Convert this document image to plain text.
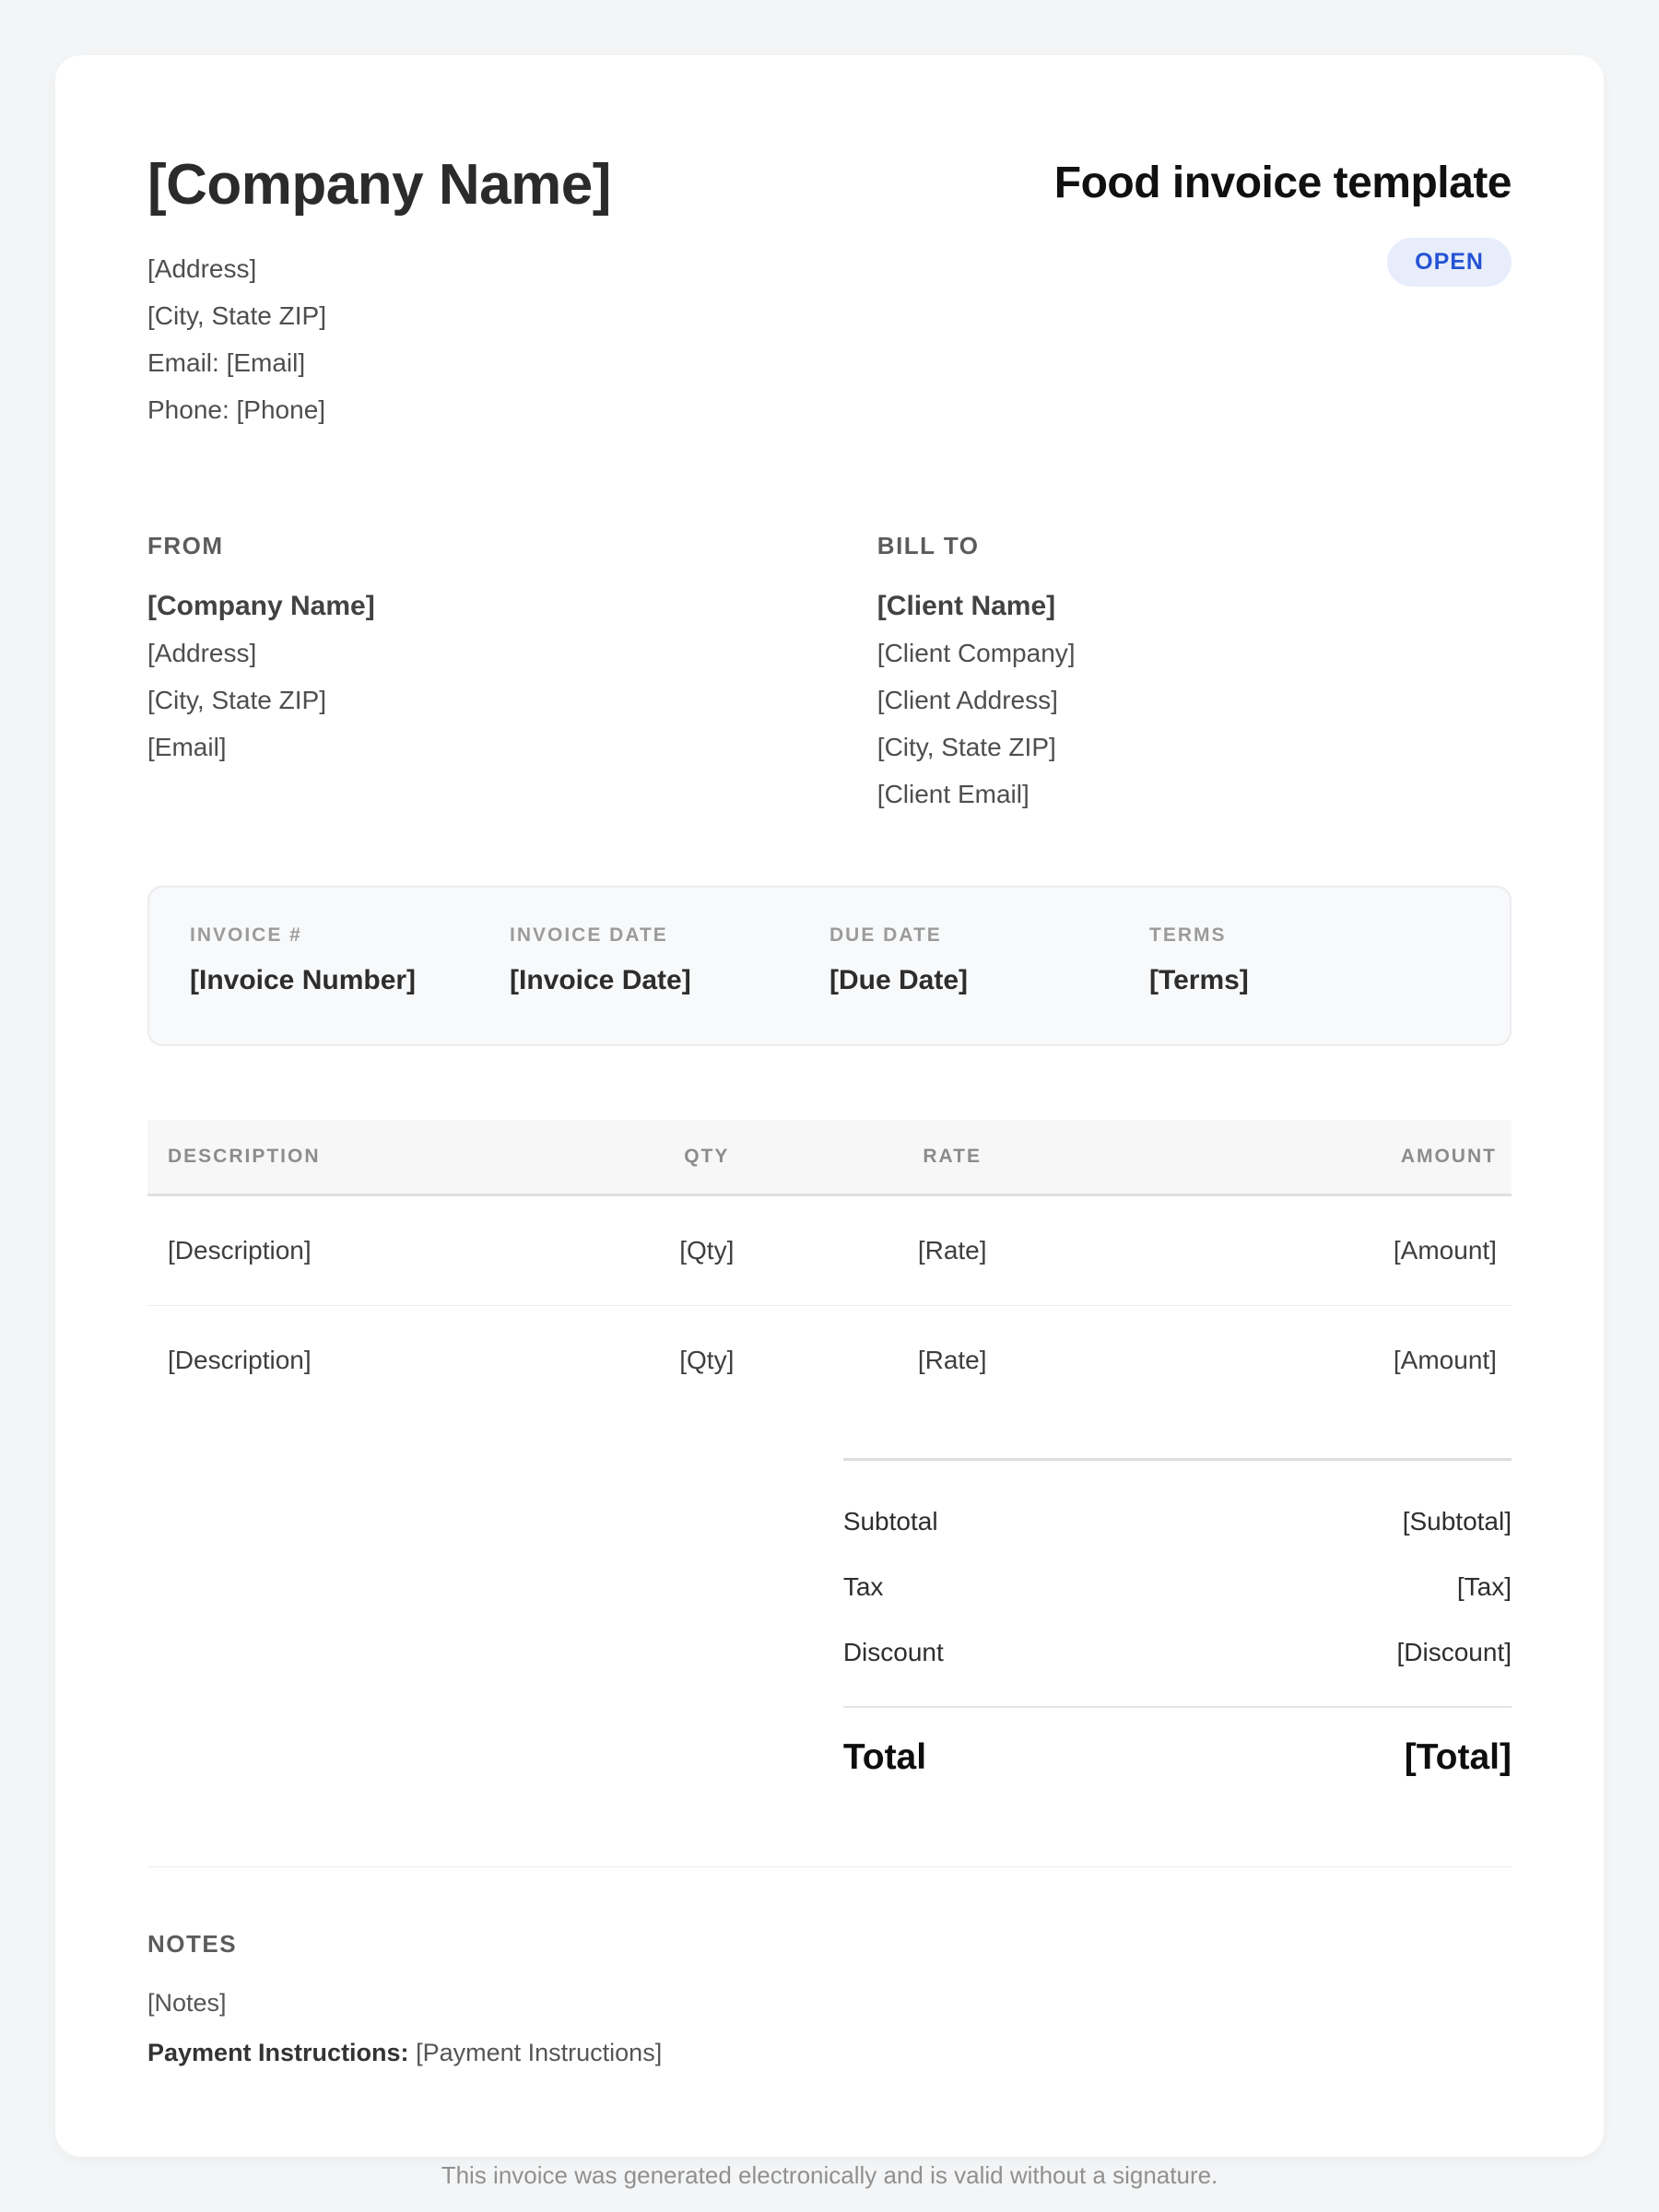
[Company Name]
[Address]
[City, State ZIP]
Email: [Email]
Phone: [Phone]
Food invoice template
OPEN
FROM
[Company Name]
[Address]
[City, State ZIP]
[Email]
BILL TO
[Client Name]
[Client Company]
[Client Address]
[City, State ZIP]
[Client Email]
INVOICE #
[Invoice Number]
INVOICE DATE
[Invoice Date]
DUE DATE
[Due Date]
TERMS
[Terms]
DESCRIPTION	QTY	RATE	AMOUNT
[Description]	[Qty]	[Rate]	[Amount]
[Description]	[Qty]	[Rate]	[Amount]
Subtotal	[Subtotal]
Tax	[Tax]
Discount	[Discount]
Total	[Total]
NOTES
[Notes]
Payment Instructions: [Payment Instructions]
This invoice was generated electronically and is valid without a signature.
